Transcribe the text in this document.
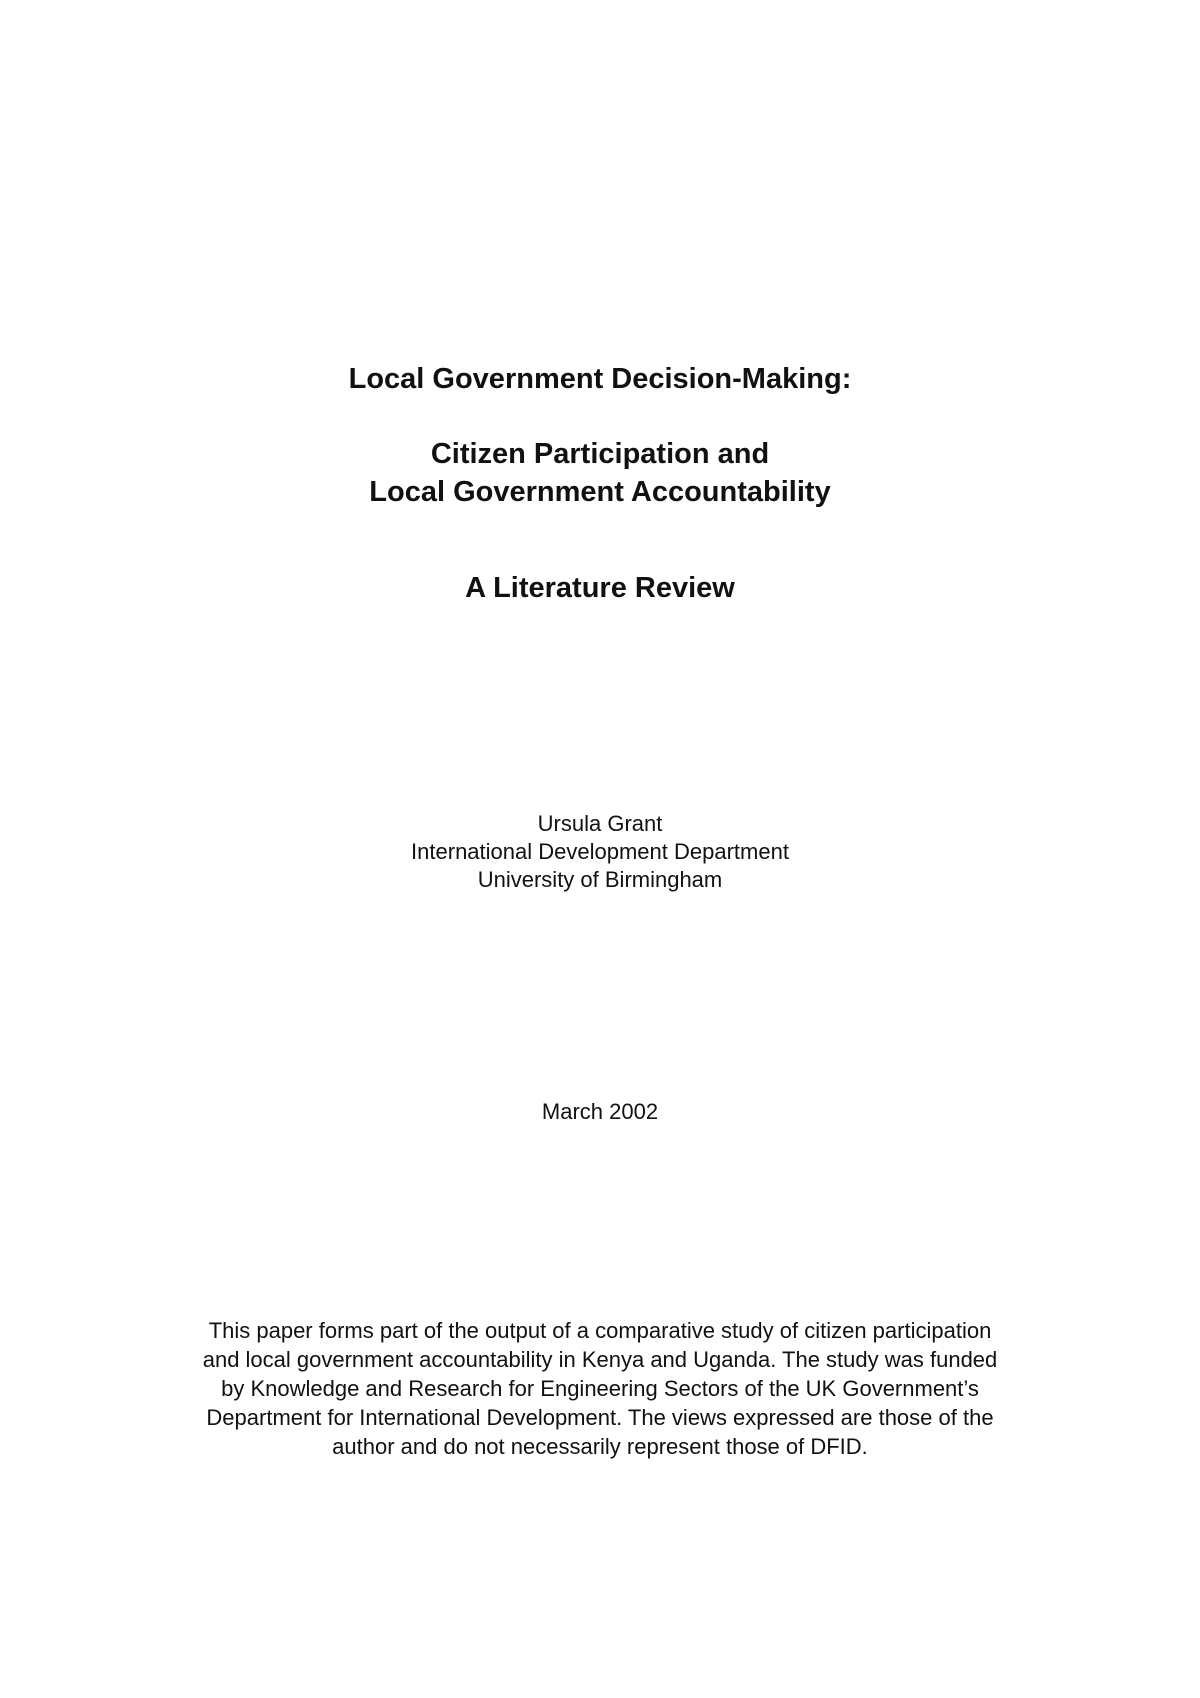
Local Government Decision-Making:
Citizen Participation and
Local Government Accountability
A Literature Review
Ursula Grant
International Development Department
University of Birmingham
March 2002
This paper forms part of the output of a comparative study of citizen participation
and local government accountability in Kenya and Uganda. The study was funded
by Knowledge and Research for Engineering Sectors of the UK Government’s
Department for International Development. The views expressed are those of the
author and do not necessarily represent those of DFID.
